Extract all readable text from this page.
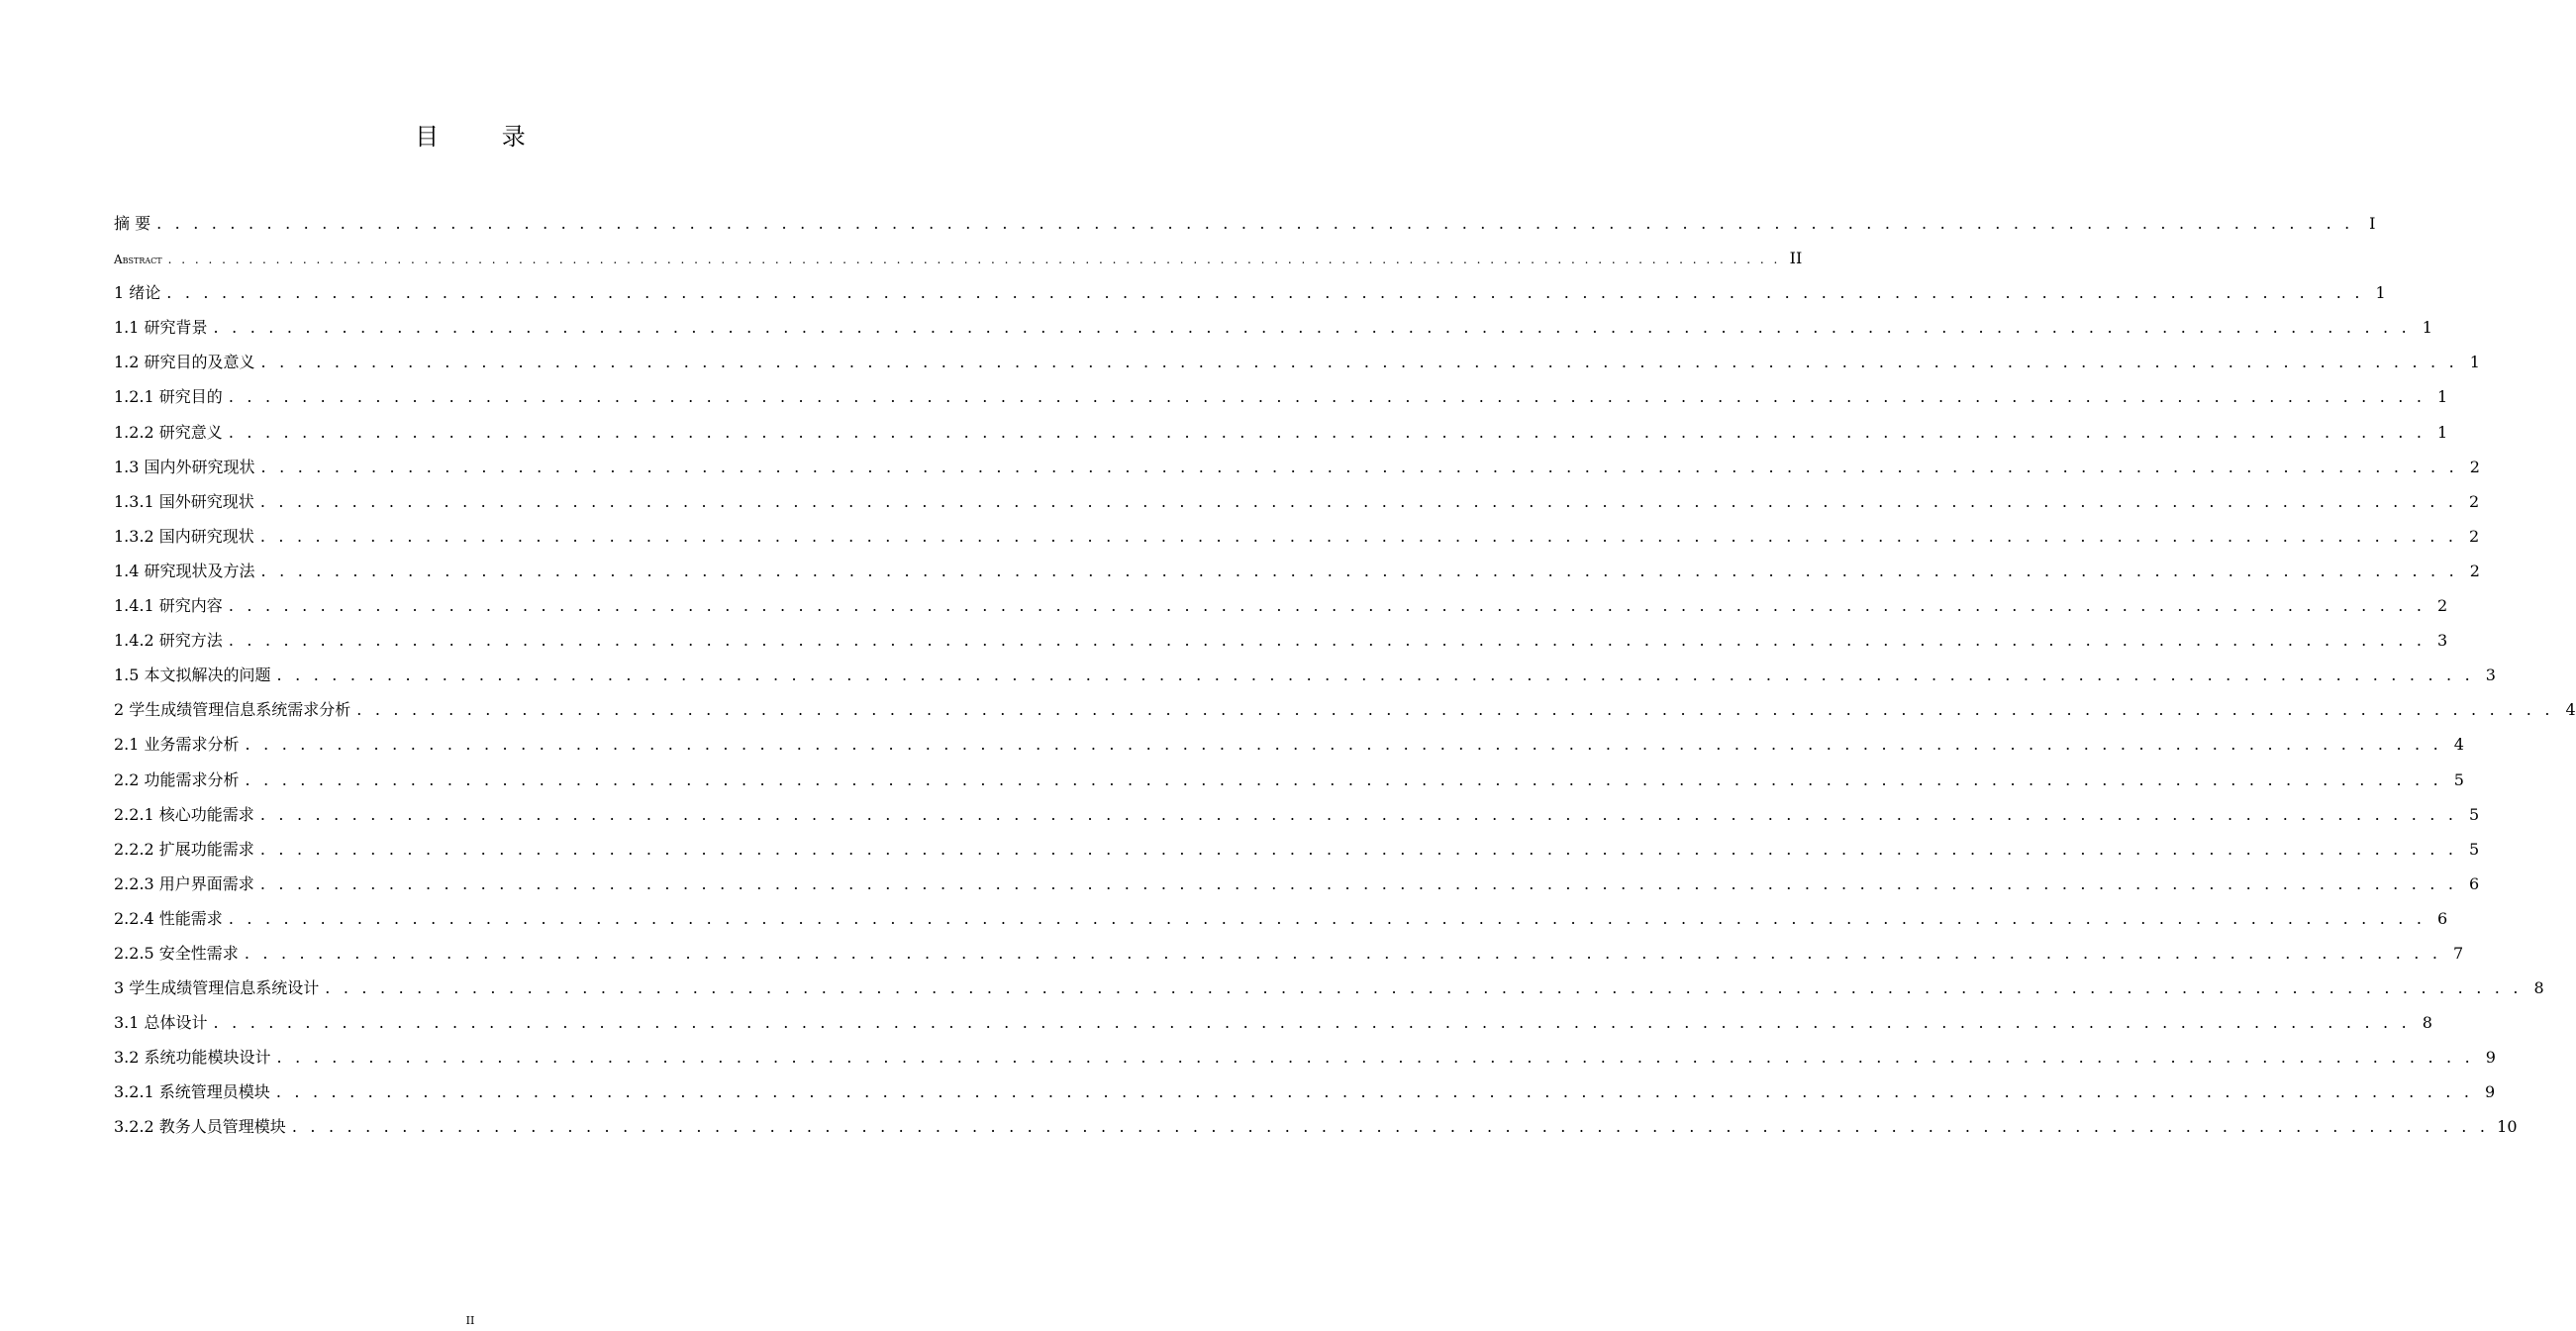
目 录
摘 要 . . . . . . . . . . . . . . . . . . . . . . . . . . . . . . . . . . . . . . . . . . . . . . . . . . . . . . . . . . . . . . . . . . . . . . . . . . . . . . . . . . . . . . . . . . . . . . . . . . . . . . . . . . . . . . . . . . . . . . . . I
Abstract . . . . . . . . . . . . . . . . . . . . . . . . . . . . . . . . . . . . . . . . . . . . . . . . . . . . . . . . . . . . . . . . . . . . . . . . . . . . . . . . . . . . . . . . . . . . . . . . . . . . . . . . . . . . . . . . . . . . . . . . II
1 绪论 . . . . . . . . . . . . . . . . . . . . . . . . . . . . . . . . . . . . . . . . . . . . . . . . . . . . . . . . . . . . . . . . . . . . . . . . . . . . . . . . . . . . . . . . . . . . . . . . . . . . . . . . . . . . . . . . . . . . . . . . 1
1.1 研究背景 . . . . . . . . . . . . . . . . . . . . . . . . . . . . . . . . . . . . . . . . . . . . . . . . . . . . . . . . . . . . . . . . . . . . . . . . . . . . . . . . . . . . . . . . . . . . . . . . . . . . . . . . . . . . . . . . . . . . . . . . 1
1.2 研究目的及意义 . . . . . . . . . . . . . . . . . . . . . . . . . . . . . . . . . . . . . . . . . . . . . . . . . . . . . . . . . . . . . . . . . . . . . . . . . . . . . . . . . . . . . . . . . . . . . . . . . . . . . . . . . . . . . . . . . . . . . . . . 1
1.2.1 研究目的 . . . . . . . . . . . . . . . . . . . . . . . . . . . . . . . . . . . . . . . . . . . . . . . . . . . . . . . . . . . . . . . . . . . . . . . . . . . . . . . . . . . . . . . . . . . . . . . . . . . . . . . . . . . . . . . . . . . . . . . . 1
1.2.2 研究意义 . . . . . . . . . . . . . . . . . . . . . . . . . . . . . . . . . . . . . . . . . . . . . . . . . . . . . . . . . . . . . . . . . . . . . . . . . . . . . . . . . . . . . . . . . . . . . . . . . . . . . . . . . . . . . . . . . . . . . . . . 1
1.3 国内外研究现状 . . . . . . . . . . . . . . . . . . . . . . . . . . . . . . . . . . . . . . . . . . . . . . . . . . . . . . . . . . . . . . . . . . . . . . . . . . . . . . . . . . . . . . . . . . . . . . . . . . . . . . . . . . . . . . . . . . . . . . . . 2
1.3.1 国外研究现状 . . . . . . . . . . . . . . . . . . . . . . . . . . . . . . . . . . . . . . . . . . . . . . . . . . . . . . . . . . . . . . . . . . . . . . . . . . . . . . . . . . . . . . . . . . . . . . . . . . . . . . . . . . . . . . . . . . . . . . . . 2
1.3.2 国内研究现状 . . . . . . . . . . . . . . . . . . . . . . . . . . . . . . . . . . . . . . . . . . . . . . . . . . . . . . . . . . . . . . . . . . . . . . . . . . . . . . . . . . . . . . . . . . . . . . . . . . . . . . . . . . . . . . . . . . . . . . . . 2
1.4 研究现状及方法 . . . . . . . . . . . . . . . . . . . . . . . . . . . . . . . . . . . . . . . . . . . . . . . . . . . . . . . . . . . . . . . . . . . . . . . . . . . . . . . . . . . . . . . . . . . . . . . . . . . . . . . . . . . . . . . . . . . . . . . . 2
1.4.1 研究内容 . . . . . . . . . . . . . . . . . . . . . . . . . . . . . . . . . . . . . . . . . . . . . . . . . . . . . . . . . . . . . . . . . . . . . . . . . . . . . . . . . . . . . . . . . . . . . . . . . . . . . . . . . . . . . . . . . . . . . . . . 2
1.4.2 研究方法 . . . . . . . . . . . . . . . . . . . . . . . . . . . . . . . . . . . . . . . . . . . . . . . . . . . . . . . . . . . . . . . . . . . . . . . . . . . . . . . . . . . . . . . . . . . . . . . . . . . . . . . . . . . . . . . . . . . . . . . . 3
1.5 本文拟解决的问题 . . . . . . . . . . . . . . . . . . . . . . . . . . . . . . . . . . . . . . . . . . . . . . . . . . . . . . . . . . . . . . . . . . . . . . . . . . . . . . . . . . . . . . . . . . . . . . . . . . . . . . . . . . . . . . . . . . . . . . . . 3
2 学生成绩管理信息系统需求分析 . . . . . . . . . . . . . . . . . . . . . . . . . . . . . . . . . . . . . . . . . . . . . . . . . . . . . . . . . . . . . . . . . . . . . . . . . . . . . . . . . . . . . . . . . . . . . . . . . . . . . . . . . . . . . . . . . . . . . . . . 4
2.1 业务需求分析 . . . . . . . . . . . . . . . . . . . . . . . . . . . . . . . . . . . . . . . . . . . . . . . . . . . . . . . . . . . . . . . . . . . . . . . . . . . . . . . . . . . . . . . . . . . . . . . . . . . . . . . . . . . . . . . . . . . . . . . . 4
2.2 功能需求分析 . . . . . . . . . . . . . . . . . . . . . . . . . . . . . . . . . . . . . . . . . . . . . . . . . . . . . . . . . . . . . . . . . . . . . . . . . . . . . . . . . . . . . . . . . . . . . . . . . . . . . . . . . . . . . . . . . . . . . . . . 5
2.2.1 核心功能需求 . . . . . . . . . . . . . . . . . . . . . . . . . . . . . . . . . . . . . . . . . . . . . . . . . . . . . . . . . . . . . . . . . . . . . . . . . . . . . . . . . . . . . . . . . . . . . . . . . . . . . . . . . . . . . . . . . . . . . . . . 5
2.2.2 扩展功能需求 . . . . . . . . . . . . . . . . . . . . . . . . . . . . . . . . . . . . . . . . . . . . . . . . . . . . . . . . . . . . . . . . . . . . . . . . . . . . . . . . . . . . . . . . . . . . . . . . . . . . . . . . . . . . . . . . . . . . . . . . 5
2.2.3 用户界面需求 . . . . . . . . . . . . . . . . . . . . . . . . . . . . . . . . . . . . . . . . . . . . . . . . . . . . . . . . . . . . . . . . . . . . . . . . . . . . . . . . . . . . . . . . . . . . . . . . . . . . . . . . . . . . . . . . . . . . . . . . 6
2.2.4 性能需求 . . . . . . . . . . . . . . . . . . . . . . . . . . . . . . . . . . . . . . . . . . . . . . . . . . . . . . . . . . . . . . . . . . . . . . . . . . . . . . . . . . . . . . . . . . . . . . . . . . . . . . . . . . . . . . . . . . . . . . . . 6
2.2.5 安全性需求 . . . . . . . . . . . . . . . . . . . . . . . . . . . . . . . . . . . . . . . . . . . . . . . . . . . . . . . . . . . . . . . . . . . . . . . . . . . . . . . . . . . . . . . . . . . . . . . . . . . . . . . . . . . . . . . . . . . . . . . . 7
3 学生成绩管理信息系统设计 . . . . . . . . . . . . . . . . . . . . . . . . . . . . . . . . . . . . . . . . . . . . . . . . . . . . . . . . . . . . . . . . . . . . . . . . . . . . . . . . . . . . . . . . . . . . . . . . . . . . . . . . . . . . . . . . . . . . . . . . 8
3.1 总体设计 . . . . . . . . . . . . . . . . . . . . . . . . . . . . . . . . . . . . . . . . . . . . . . . . . . . . . . . . . . . . . . . . . . . . . . . . . . . . . . . . . . . . . . . . . . . . . . . . . . . . . . . . . . . . . . . . . . . . . . . . 8
3.2 系统功能模块设计 . . . . . . . . . . . . . . . . . . . . . . . . . . . . . . . . . . . . . . . . . . . . . . . . . . . . . . . . . . . . . . . . . . . . . . . . . . . . . . . . . . . . . . . . . . . . . . . . . . . . . . . . . . . . . . . . . . . . . . . . 9
3.2.1 系统管理员模块 . . . . . . . . . . . . . . . . . . . . . . . . . . . . . . . . . . . . . . . . . . . . . . . . . . . . . . . . . . . . . . . . . . . . . . . . . . . . . . . . . . . . . . . . . . . . . . . . . . . . . . . . . . . . . . . . . . . . . . . . 9
3.2.2 教务人员管理模块 . . . . . . . . . . . . . . . . . . . . . . . . . . . . . . . . . . . . . . . . . . . . . . . . . . . . . . . . . . . . . . . . . . . . . . . . . . . . . . . . . . . . . . . . . . . . . . . . . . . . . . . . . . . . . . . . . . . . . . . . 10
II
